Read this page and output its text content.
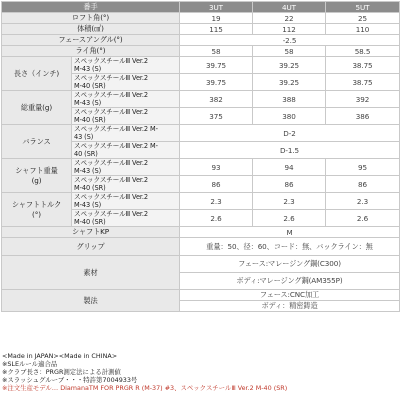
番手		3UT	4UT	5UT
ロフト角(°)		19	22	25
体積(㎤)		115	112	110
フェースアングル(°)		-2.5		
ライ角(°)		58	58	58.5
長さ（インチ)	スペックスチールⅢ Ver.2
M-43 (S)	39.75	39.25	38.75
	スペックスチールⅢ Ver.2
M-40 (SR)	39.75	39.25	38.75
総重量(g)	スペックスチールⅢ Ver.2
M-43 (S)	382	388	392
	スペックスチールⅢ Ver.2
M-40 (SR)	375	380	386
バランス	スペックスチールⅢ Ver.2 M-
43 (S)	D-2		
	スペックスチールⅢ Ver.2 M-
40 (SR)	D-1.5		
シャフト重量
(g)	スペックスチールⅢ Ver.2
M-43 (S)	93	94	95
	スペックスチールⅢ Ver.2
M-40 (SR)	86	86	86
シャフトトルク
(°)	スペックスチールⅢ Ver.2
M-43 (S)	2.3	2.3	2.3
	スペックスチールⅢ Ver.2
M-40 (SR)	2.6	2.6	2.6
シャフトKP		M		
グリップ		重量：50、径：60、コード：無、バックライン：無		
素材		フェース:マレージング鋼(C300)		
		ボディ:マレージング鋼(AM355P)		
製法		フェース:CNC加工		
		ボディ：精密鋳造		
<Made in JAPAN><Made in CHINA>
※SLEルール適合品
※クラブ長さ：PRGR測定法による計測値
※スラッシュグルーブ・・・特許第7004933号
※注文生産モデル… DiamanaTM FOR PRGR R (M-37) #3、スペックスチールⅢ Ver.2 M-40 (SR)
